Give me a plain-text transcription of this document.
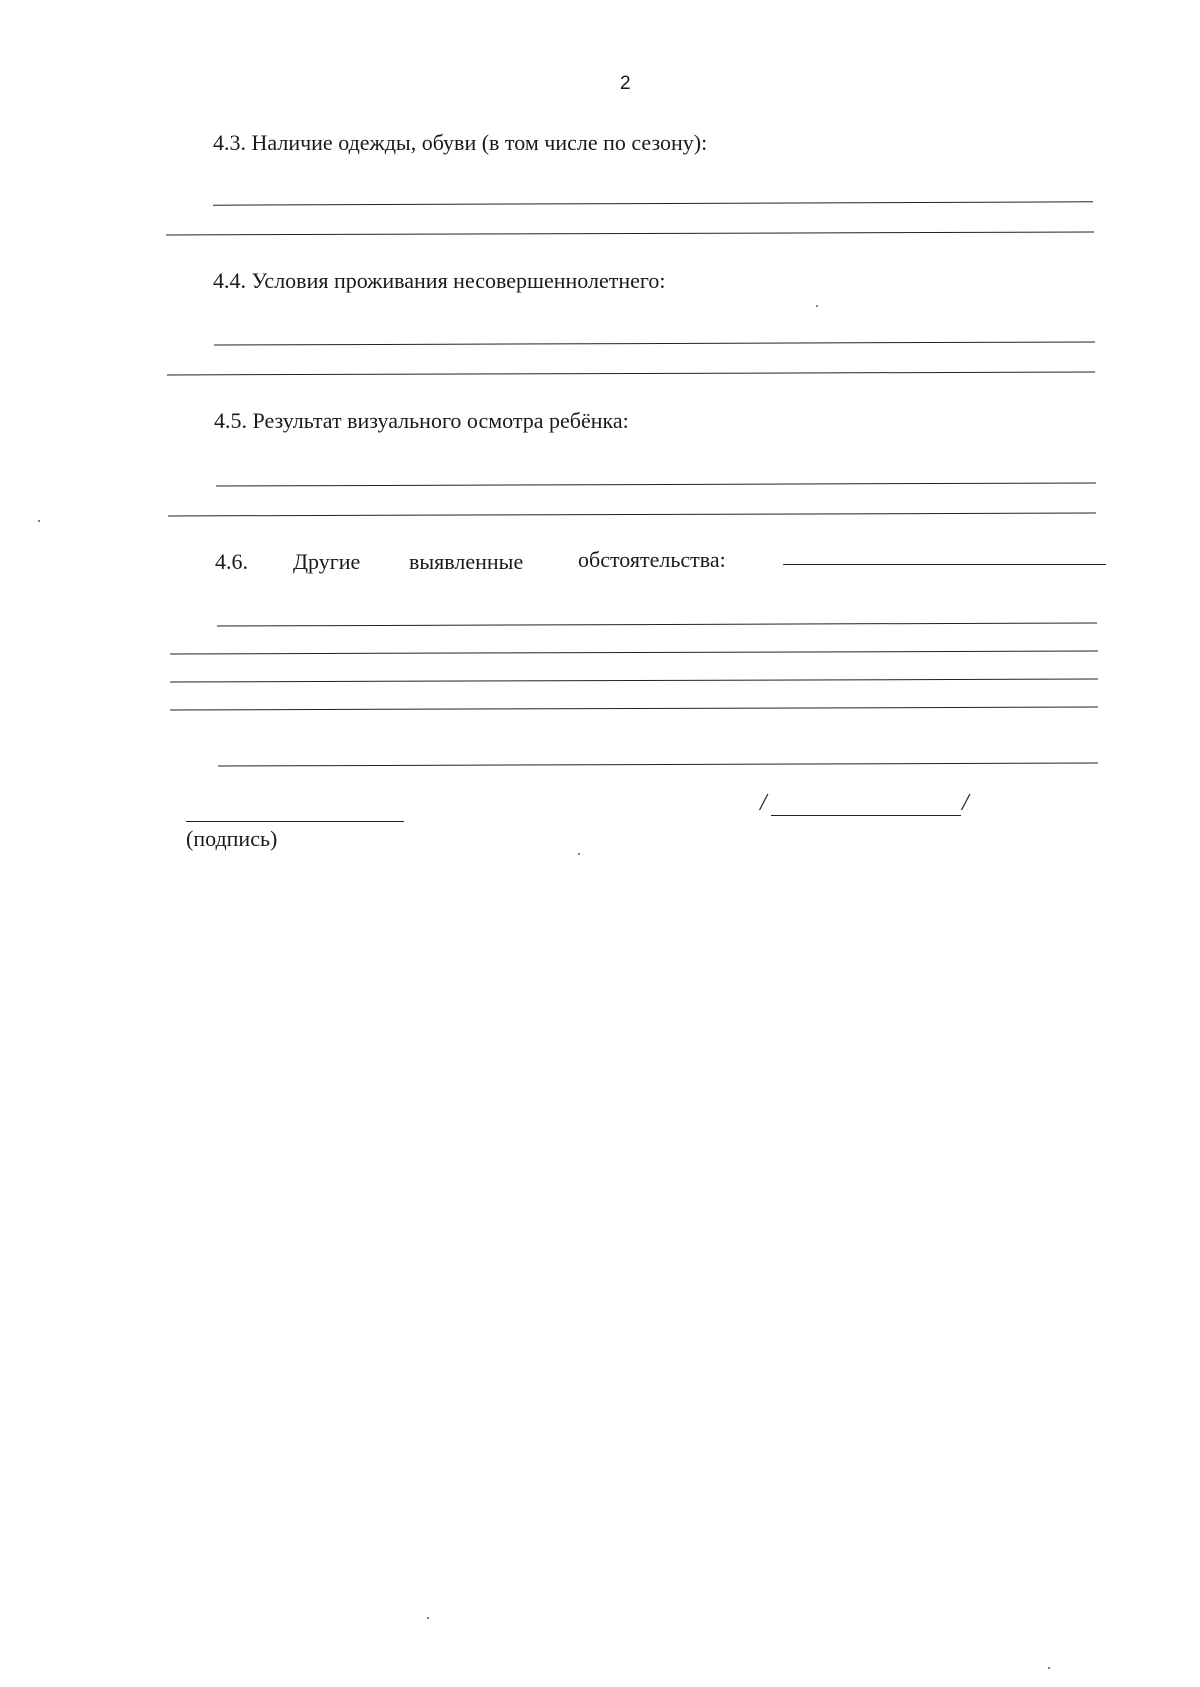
2
4.3. Наличие одежды, обуви (в том числе по сезону):
4.4. Условия проживания несовершеннолетнего:
4.5. Результат визуального осмотра ребёнка:
4.6. Другие выявленные обстоятельства:
(подпись)
/	/
